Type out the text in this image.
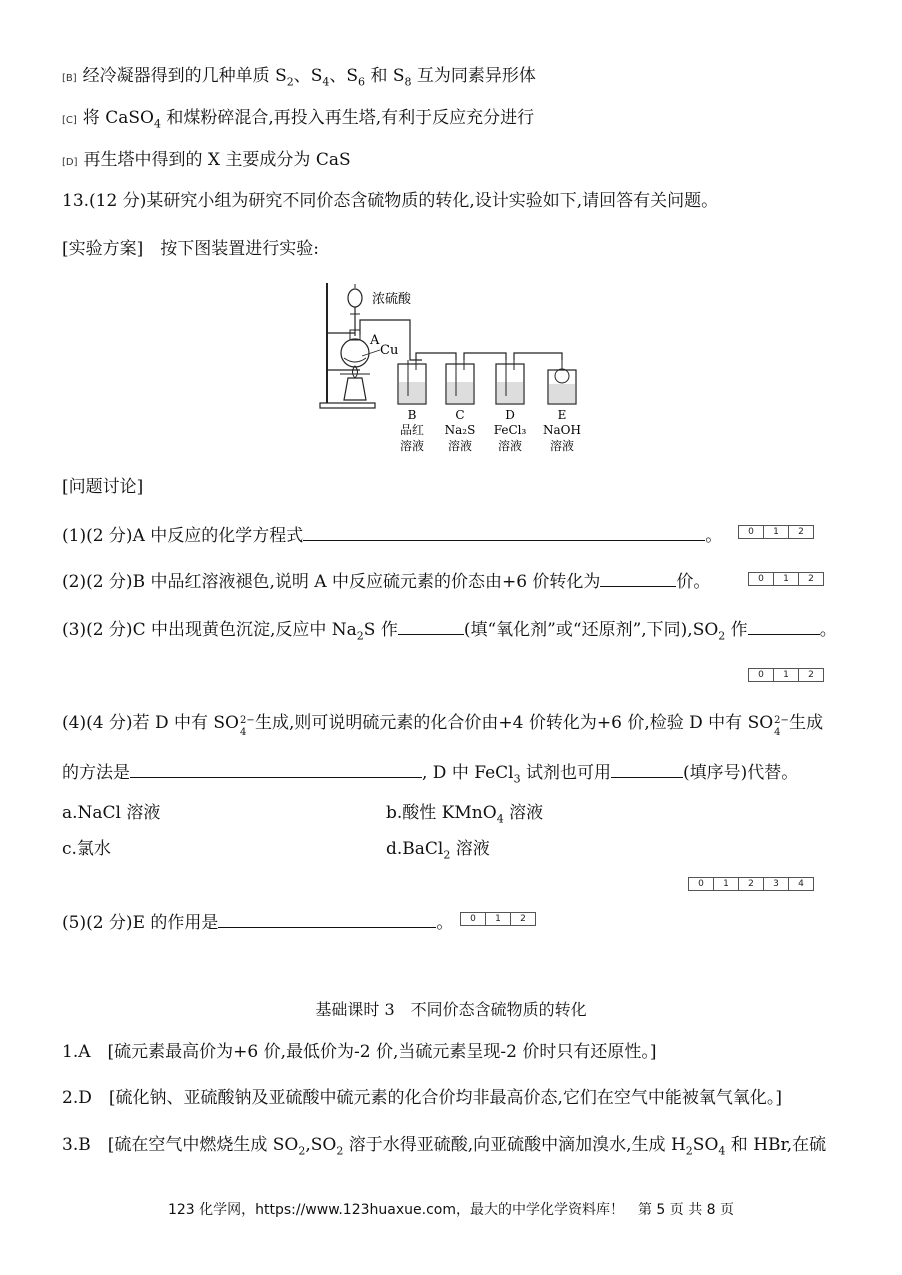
[B] 经冷凝器得到的几种单质 $S_2$、$S_4$、$S_6$ 和 $S_8$ 互为同素异形体
[C] 将 CaSO$_4$ 和煤粉碎混合,再投入再生塔,有利于反应充分进行
[D] 再生塔中得到的 X 主要成分为 CaS
13.(12 分)某研究小组为研究不同价态含硫物质的转化,设计实验如下,请回答有关问题。
[实验方案]　按下图装置进行实验:
浓硫酸
A
Cu
B
品红
溶液
C
Na₂S
溶液
D
FeCl₃
溶液
E
NaOH
溶液
[问题讨论]
(1)(2 分)A 中反应的化学方程式	。	0	1	2
(2)(2 分)B 中品红溶液褪色,说明 A 中反应硫元素的价态由+6 价转化为	价。	0	1	2
(3)(2 分)C 中出现黄色沉淀,反应中 $Na_2S$ 作	(填“氧化剂”或“还原剂”,下同)$,SO_2$ 作	。
0	1	2
(4)(4 分)若 D 中有 SO 2−
4 生成,则可说明硫元素的化合价由+4 价转化为+6 价,检验 D 中有 SO 2−
4 生成
的方法是	, D 中 FeCl$_3$ 试剂也可用	(填序号)代替。
a.NaCl 溶液	b.酸性 KMnO$_4$ 溶液
c.氯水	d.BaCl$_2$ 溶液
0	1	2	3	4
(5)(2 分)E 的作用是	。	0	1	2
基础课时 3　不同价态含硫物质的转化
1.A　[硫元素最高价为+6 价,最低价为-2 价,当硫元素呈现-2 价时只有还原性。]
2.D　[硫化钠、亚硫酸钠及亚硫酸中硫元素的化合价均非最高价态,它们在空气中能被氧气氧化。]
3.B　[硫在空气中燃烧生成 $SO_2,SO_2$ 溶于水得亚硫酸,向亚硫酸中滴加溴水,生成 $H_2SO_4$ 和 HBr,在硫
123 化学网，https://www.123huaxue.com，最大的中学化学资料库！　第 5 页 共 8 页
